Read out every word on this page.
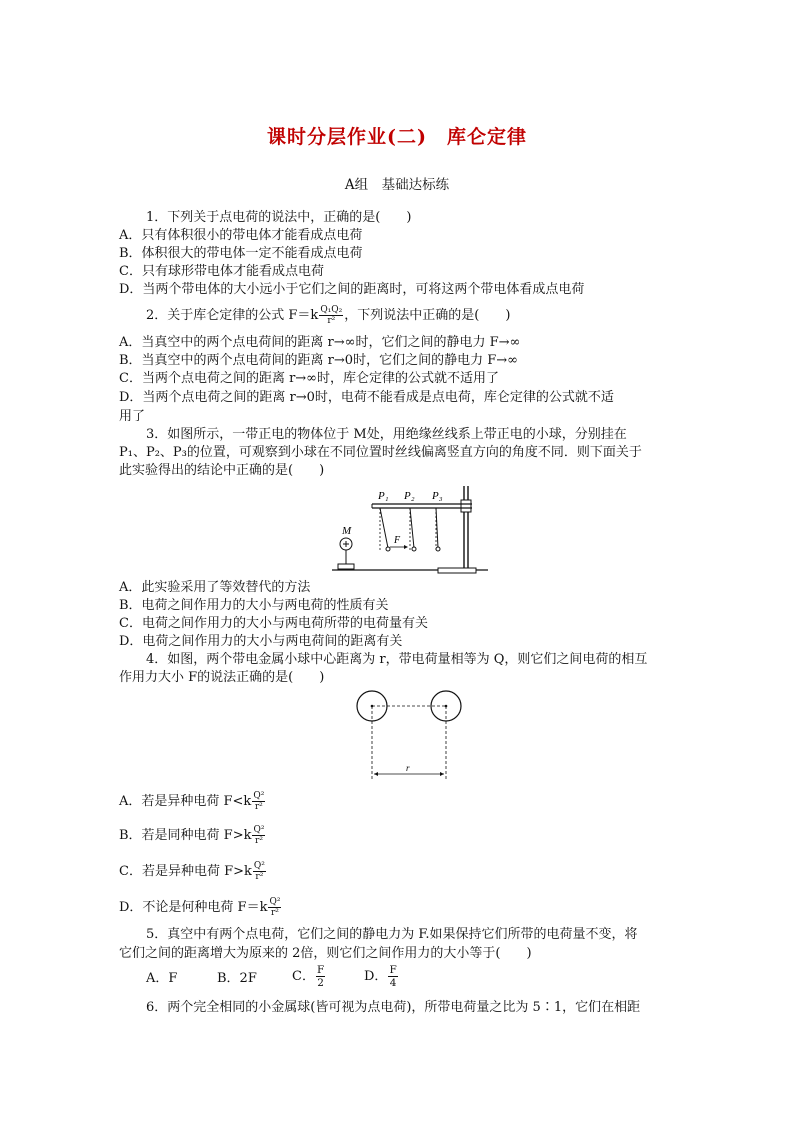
课时分层作业(二)　库仑定律
A组　基础达标练
1．下列关于点电荷的说法中，正确的是(　　)
A．只有体积很小的带电体才能看成点电荷
B．体积很大的带电体一定不能看成点电荷
C．只有球形带电体才能看成点电荷
D．当两个带电体的大小远小于它们之间的距离时，可将这两个带电体看成点电荷
2．关于库仑定律的公式 $F=k \frac{\text{Q₁Q₂}}{\text{r²}}$ ，下列说法中正确的是(　　)
A．当真空中的两个点电荷间的距离 r→∞时，它们之间的静电力 F→∞
B．当真空中的两个点电荷间的距离 r→0时，它们之间的静电力 F→∞
C．当两个点电荷之间的距离 r→∞时，库仑定律的公式就不适用了
D．当两个点电荷之间的距离 r→0时，电荷不能看成是点电荷，库仑定律的公式就不适
用了
3．如图所示，一带正电的物体位于 M处，用绝缘丝线系上带正电的小球，分别挂在
P₁、P₂、P₃的位置，可观察到小球在不同位置时丝线偏离竖直方向的角度不同．则下面关于
此实验得出的结论中正确的是(　　)
P₁ P₂ P₃
M
F
A．此实验采用了等效替代的方法
B．电荷之间作用力的大小与两电荷的性质有关
C．电荷之间作用力的大小与两电荷所带的电荷量有关
D．电荷之间作用力的大小与两电荷间的距离有关
4．如图，两个带电金属小球中心距离为 r，带电荷量相等为 Q，则它们之间电荷的相互
作用力大小 F的说法正确的是(　　)
r
A．若是异种电荷 $F<k \frac{\text{Q²}}{\text{r²}}$
B．若是同种电荷 $F>k \frac{\text{Q²}}{\text{r²}}$
C．若是异种电荷 $F>k \frac{\text{Q²}}{\text{r²}}$
D．不论是何种电荷 $F=k \frac{\text{Q²}}{\text{r²}}$
5．真空中有两个点电荷，它们之间的静电力为 F.如果保持它们所带的电荷量不变，将
它们之间的距离增大为原来的 2倍，则它们之间作用力的大小等于(　　)
A．F	B．2F	C． $\frac{F}{2}$	D． $\frac{F}{4}$
6．两个完全相同的小金属球(皆可视为点电荷)，所带电荷量之比为 5∶1，它们在相距
